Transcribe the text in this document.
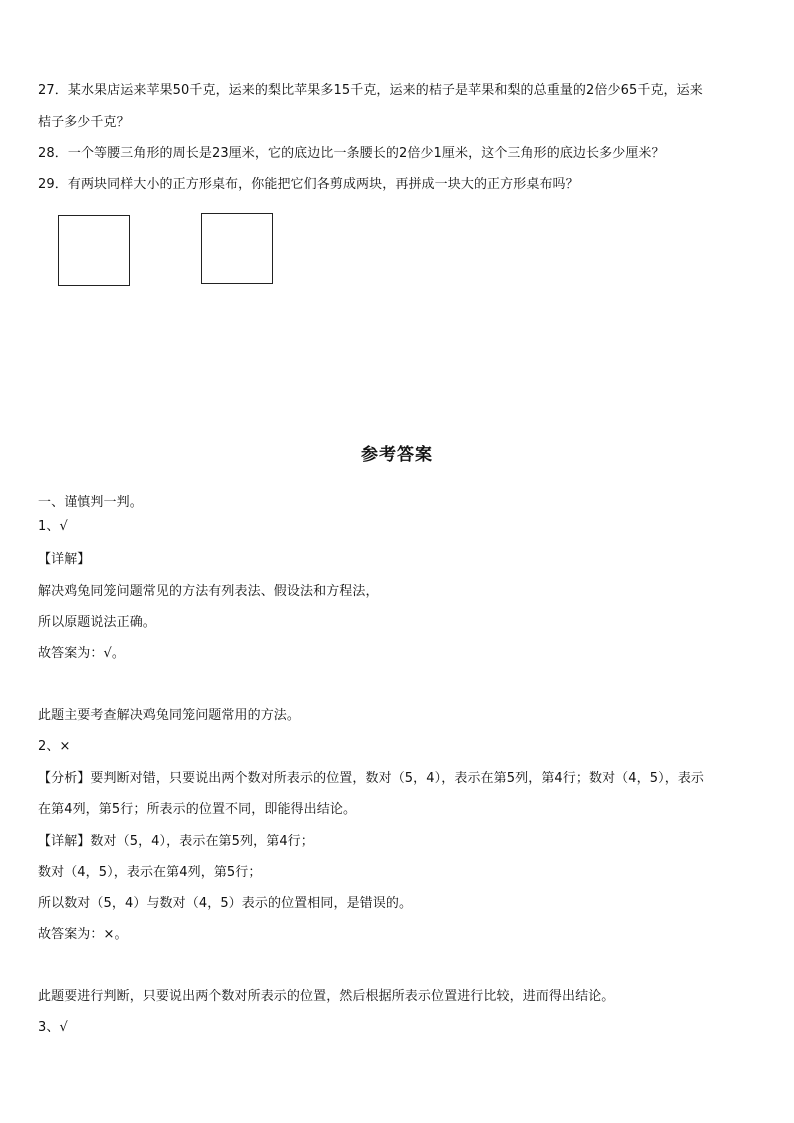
27．某水果店运来苹果50千克，运来的梨比苹果多15千克，运来的桔子是苹果和梨的总重量的2倍少65千克，运来
桔子多少千克？
28．一个等腰三角形的周长是23厘米，它的底边比一条腰长的2倍少1厘米，这个三角形的底边长多少厘米？
29．有两块同样大小的正方形桌布，你能把它们各剪成两块，再拼成一块大的正方形桌布吗？
参考答案
一、谨慎判一判。
1、√
【详解】
解决鸡兔同笼问题常见的方法有列表法、假设法和方程法，
所以原题说法正确。
故答案为：√。
此题主要考查解决鸡兔同笼问题常用的方法。
2、×
【分析】要判断对错，只要说出两个数对所表示的位置，数对（5，4），表示在第5列，第4行；数对（4，5），表示
在第4列，第5行；所表示的位置不同，即能得出结论。
【详解】数对（5，4），表示在第5列，第4行；
数对（4，5），表示在第4列，第5行；
所以数对（5，4）与数对（4，5）表示的位置相同，是错误的。
故答案为：×。
此题要进行判断，只要说出两个数对所表示的位置，然后根据所表示位置进行比较，进而得出结论。
3、√
